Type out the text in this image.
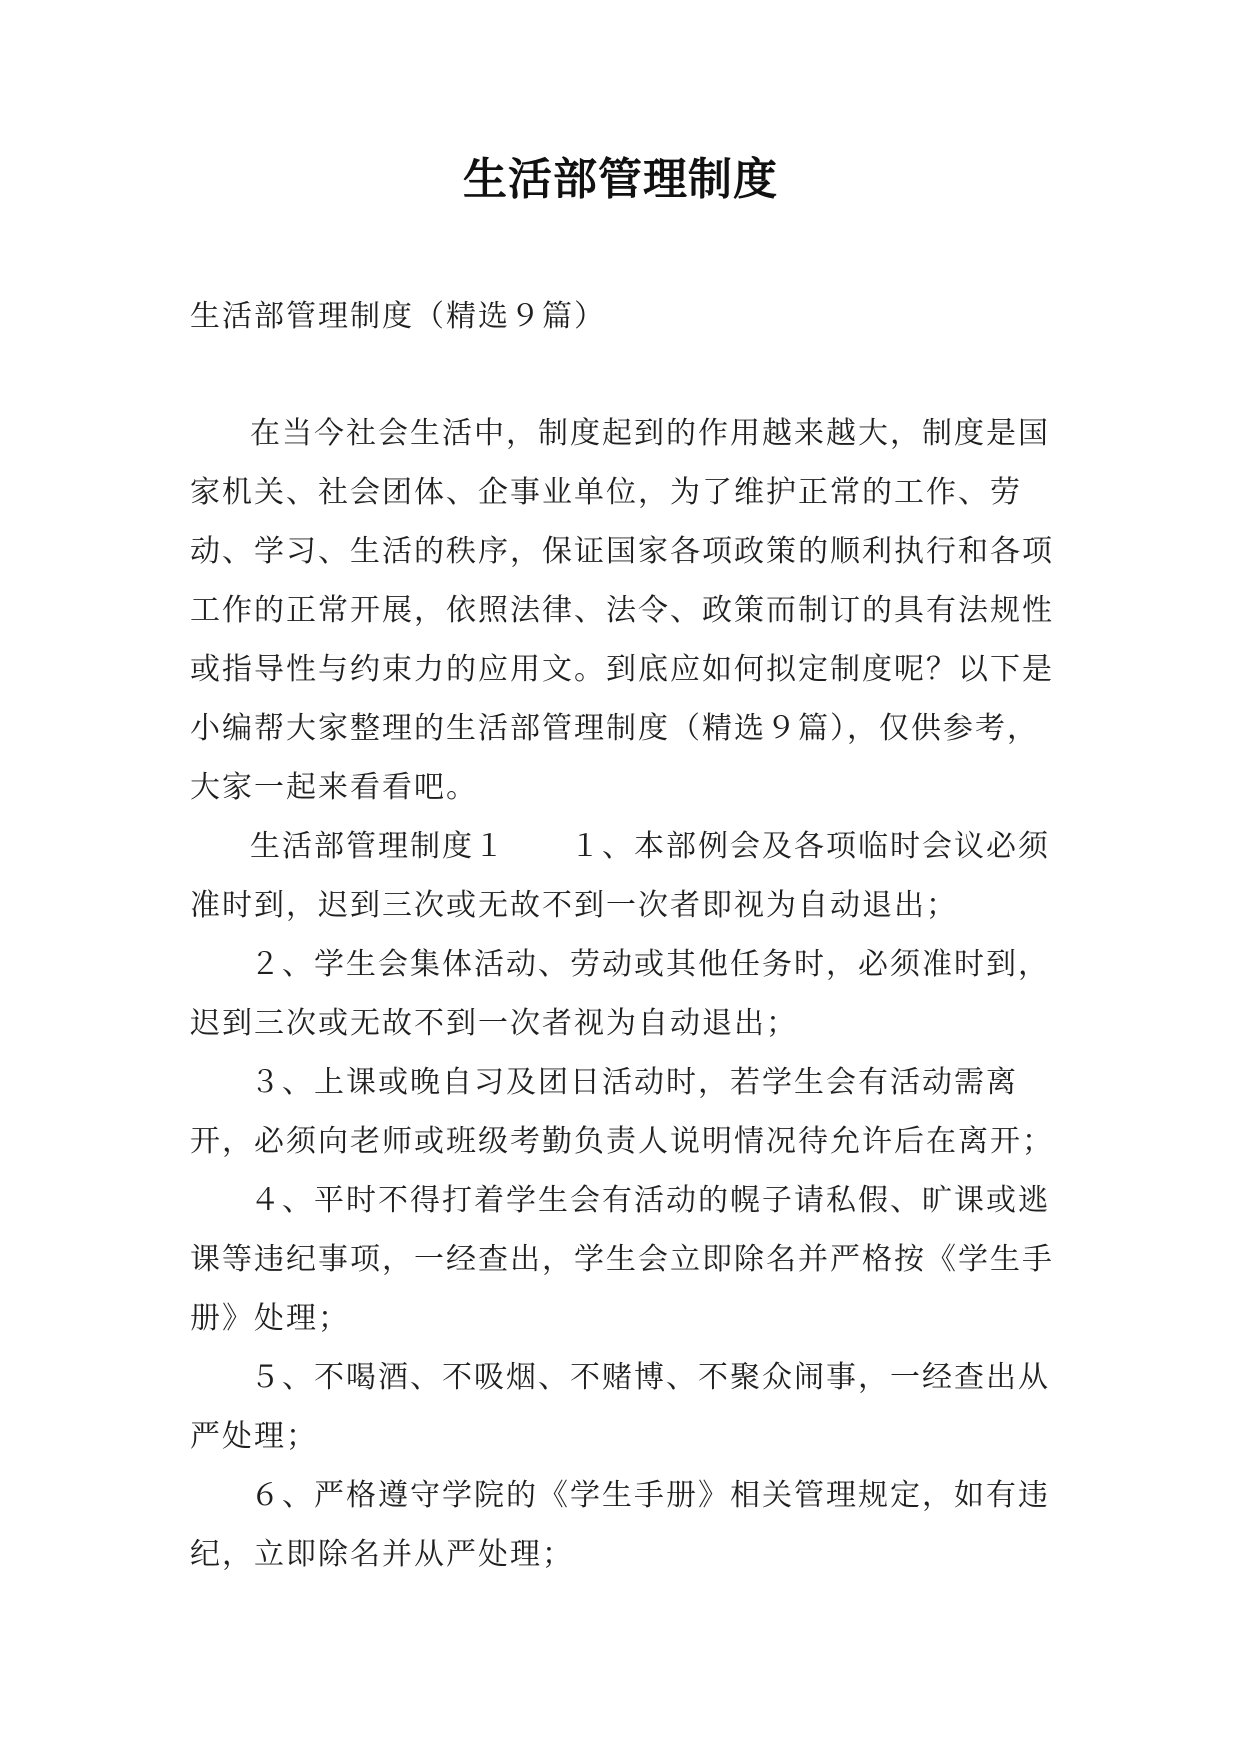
生活部管理制度
生活部管理制度（精选９篇）

在当今社会生活中，制度起到的作用越来越大，制度是国家机关、社会团体、企事业单位，为了维护正常的工作、劳动、学习、生活的秩序，保证国家各项政策的顺利执行和各项工作的正常开展，依照法律、法令、政策而制订的具有法规性或指导性与约束力的应用文。到底应如何拟定制度呢？以下是小编帮大家整理的生活部管理制度（精选９篇），仅供参考，大家一起来看看吧。

生活部管理制度１　　１、本部例会及各项临时会议必须准时到，迟到三次或无故不到一次者即视为自动退出；

２、学生会集体活动、劳动或其他任务时，必须准时到，迟到三次或无故不到一次者视为自动退出；

３、上课或晚自习及团日活动时，若学生会有活动需离开，必须向老师或班级考勤负责人说明情况待允许后在离开；

４、平时不得打着学生会有活动的幌子请私假、旷课或逃课等违纪事项，一经查出，学生会立即除名并严格按《学生手册》处理；

５、不喝酒、不吸烟、不赌博、不聚众闹事，一经查出从严处理；

６、严格遵守学院的《学生手册》相关管理规定，如有违纪，立即除名并从严处理；
